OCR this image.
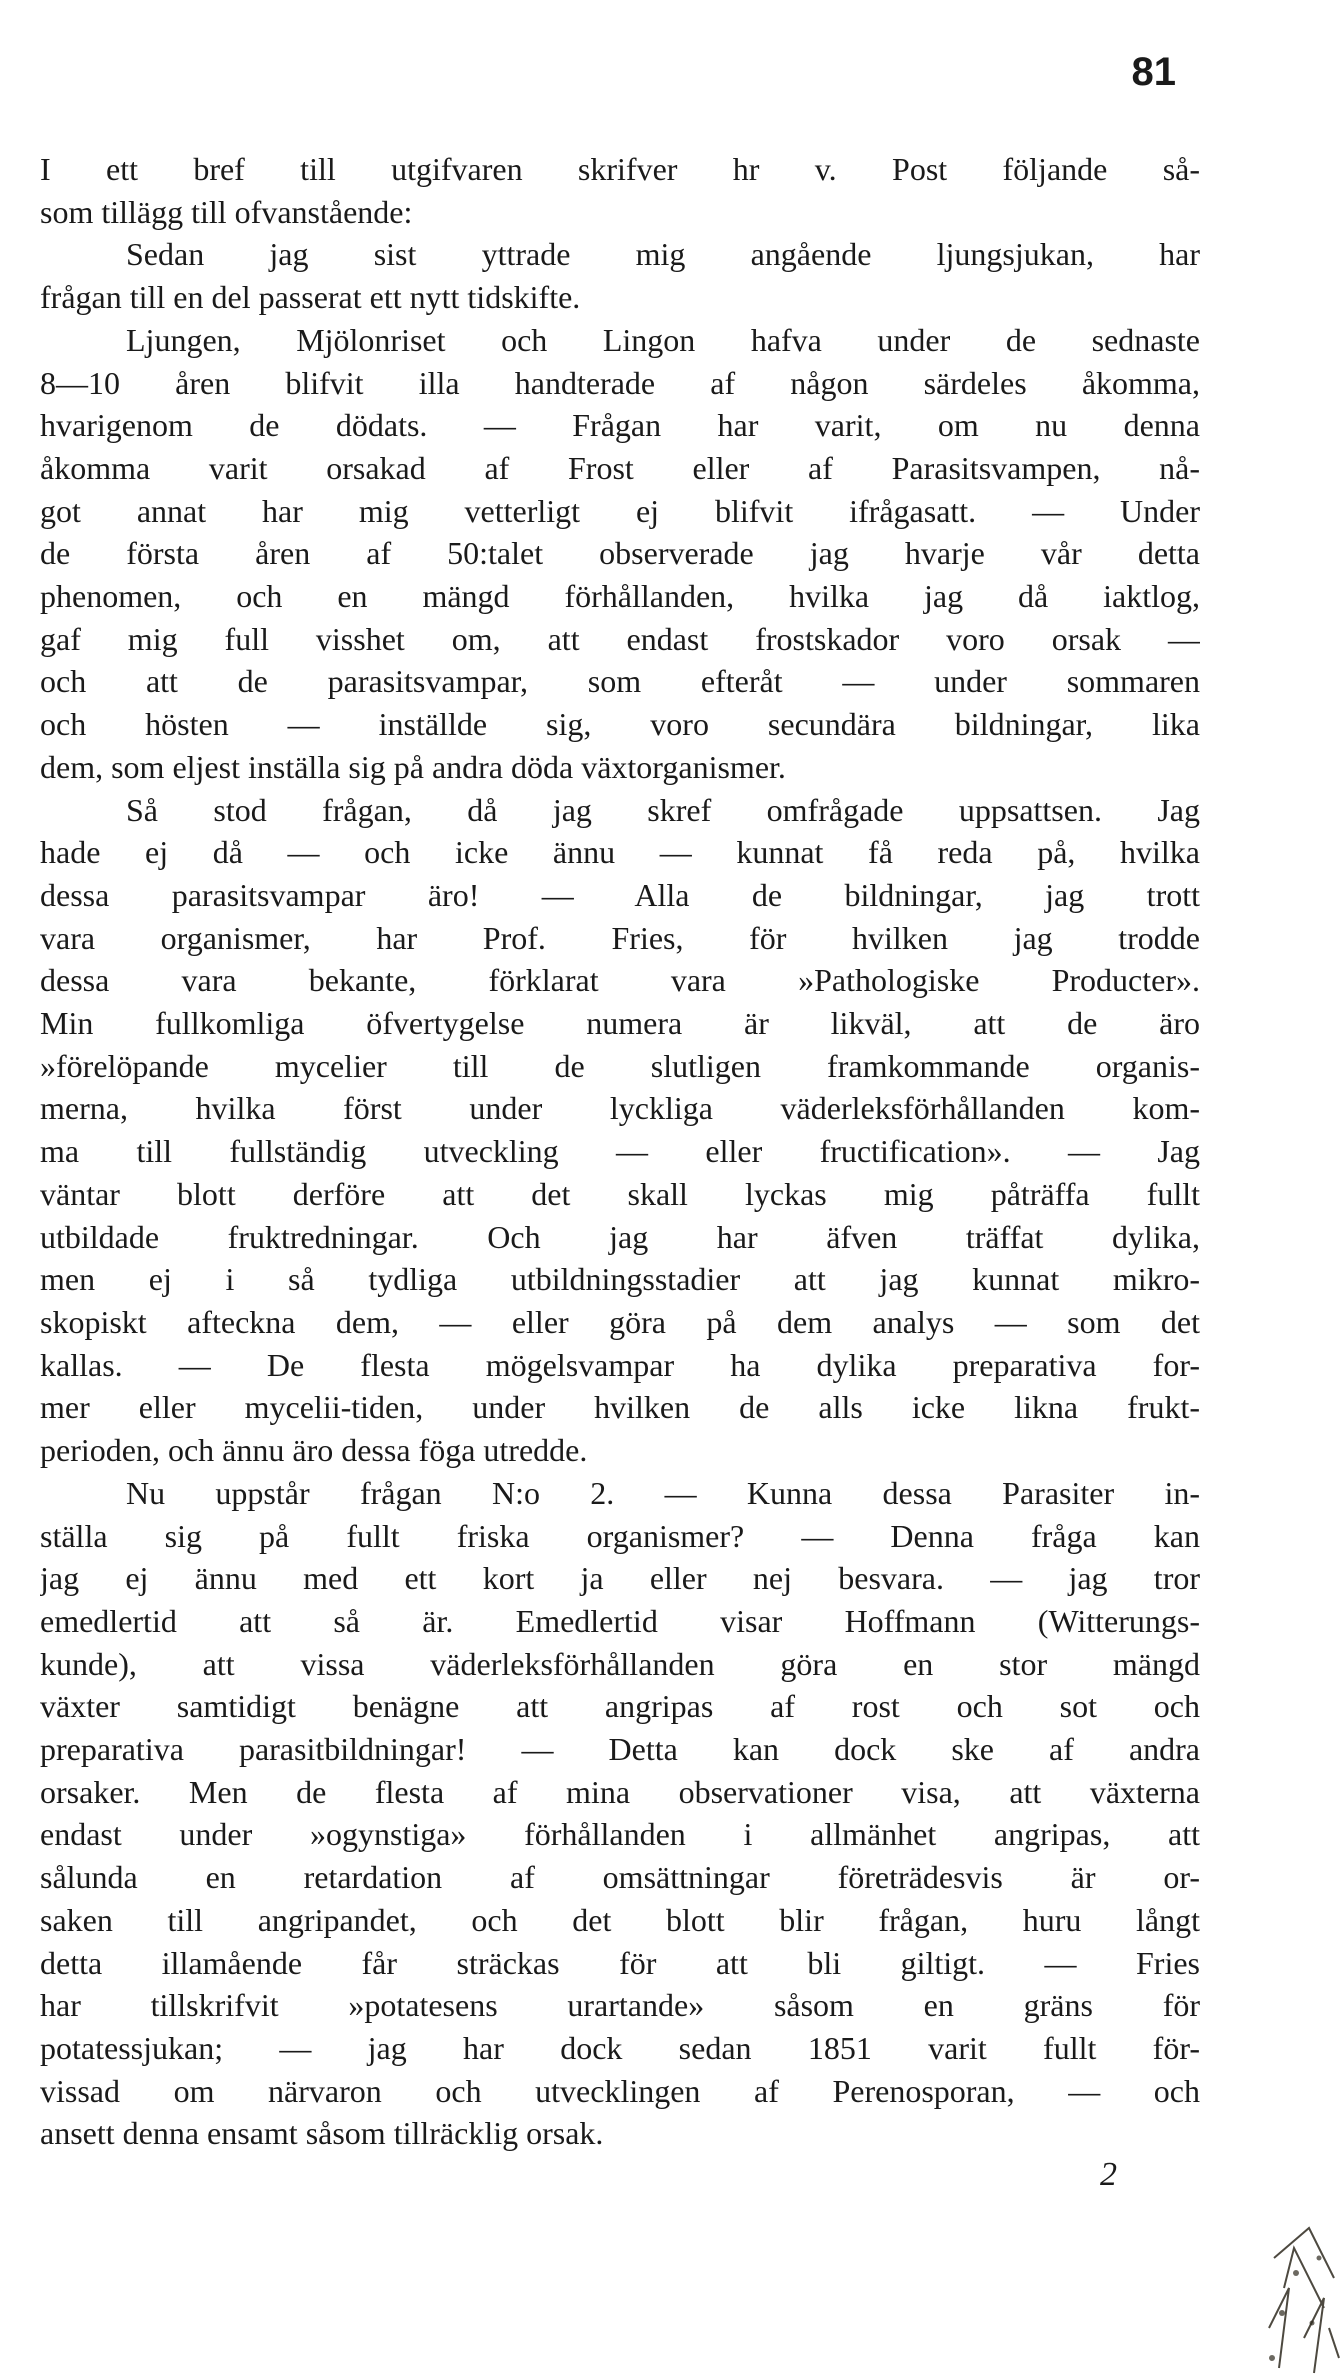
81
I ett bref till utgifvaren skrifver hr v. Post följande så-
som tillägg till ofvanstående:
Sedan jag sist yttrade mig angående ljungsjukan, har
frågan till en del passerat ett nytt tidskifte.
Ljungen, Mjölonriset och Lingon hafva under de sednaste
8—10 åren blifvit illa handterade af någon särdeles åkomma,
hvarigenom de dödats. — Frågan har varit, om nu denna
åkomma varit orsakad af Frost eller af Parasitsvampen, nå-
got annat har mig vetterligt ej blifvit ifrågasatt. — Under
de första åren af 50:talet observerade jag hvarje vår detta
phenomen, och en mängd förhållanden, hvilka jag då iaktlog,
gaf mig full visshet om, att endast frostskador voro orsak —
och att de parasitsvampar, som efteråt — under sommaren
och hösten — inställde sig, voro secundära bildningar, lika
dem, som eljest inställa sig på andra döda växtorganismer.
Så stod frågan, då jag skref omfrågade uppsattsen. Jag
hade ej då — och icke ännu — kunnat få reda på, hvilka
dessa parasitsvampar äro! — Alla de bildningar, jag trott
vara organismer, har Prof. Fries, för hvilken jag trodde
dessa vara bekante, förklarat vara »Pathologiske Producter».
Min fullkomliga öfvertygelse numera är likväl, att de äro
»förelöpande mycelier till de slutligen framkommande organis-
merna, hvilka först under lyckliga väderleksförhållanden kom-
ma till fullständig utveckling — eller fructification». — Jag
väntar blott derföre att det skall lyckas mig påträffa fullt
utbildade fruktredningar. Och jag har äfven träffat dylika,
men ej i så tydliga utbildningsstadier att jag kunnat mikro-
skopiskt afteckna dem, — eller göra på dem analys — som det
kallas. — De flesta mögelsvampar ha dylika preparativa for-
mer eller mycelii-tiden, under hvilken de alls icke likna frukt-
perioden, och ännu äro dessa föga utredde.
Nu uppstår frågan N:o 2. — Kunna dessa Parasiter in-
ställa sig på fullt friska organismer? — Denna fråga kan
jag ej ännu med ett kort ja eller nej besvara. — jag tror
emedlertid att så är. Emedlertid visar Hoffmann (Witterungs-
kunde), att vissa väderleksförhållanden göra en stor mängd
växter samtidigt benägne att angripas af rost och sot och
preparativa parasitbildningar! — Detta kan dock ske af andra
orsaker. Men de flesta af mina observationer visa, att växterna
endast under »ogynstiga» förhållanden i allmänhet angripas, att
sålunda en retardation af omsättningar företrädesvis är or-
saken till angripandet, och det blott blir frågan, huru långt
detta illamående får sträckas för att bli giltigt. — Fries
har tillskrifvit »potatesens urartande» såsom en gräns för
potatessjukan; — jag har dock sedan 1851 varit fullt för-
vissad om närvaron och utvecklingen af Perenosporan, — och
ansett denna ensamt såsom tillräcklig orsak.
2
